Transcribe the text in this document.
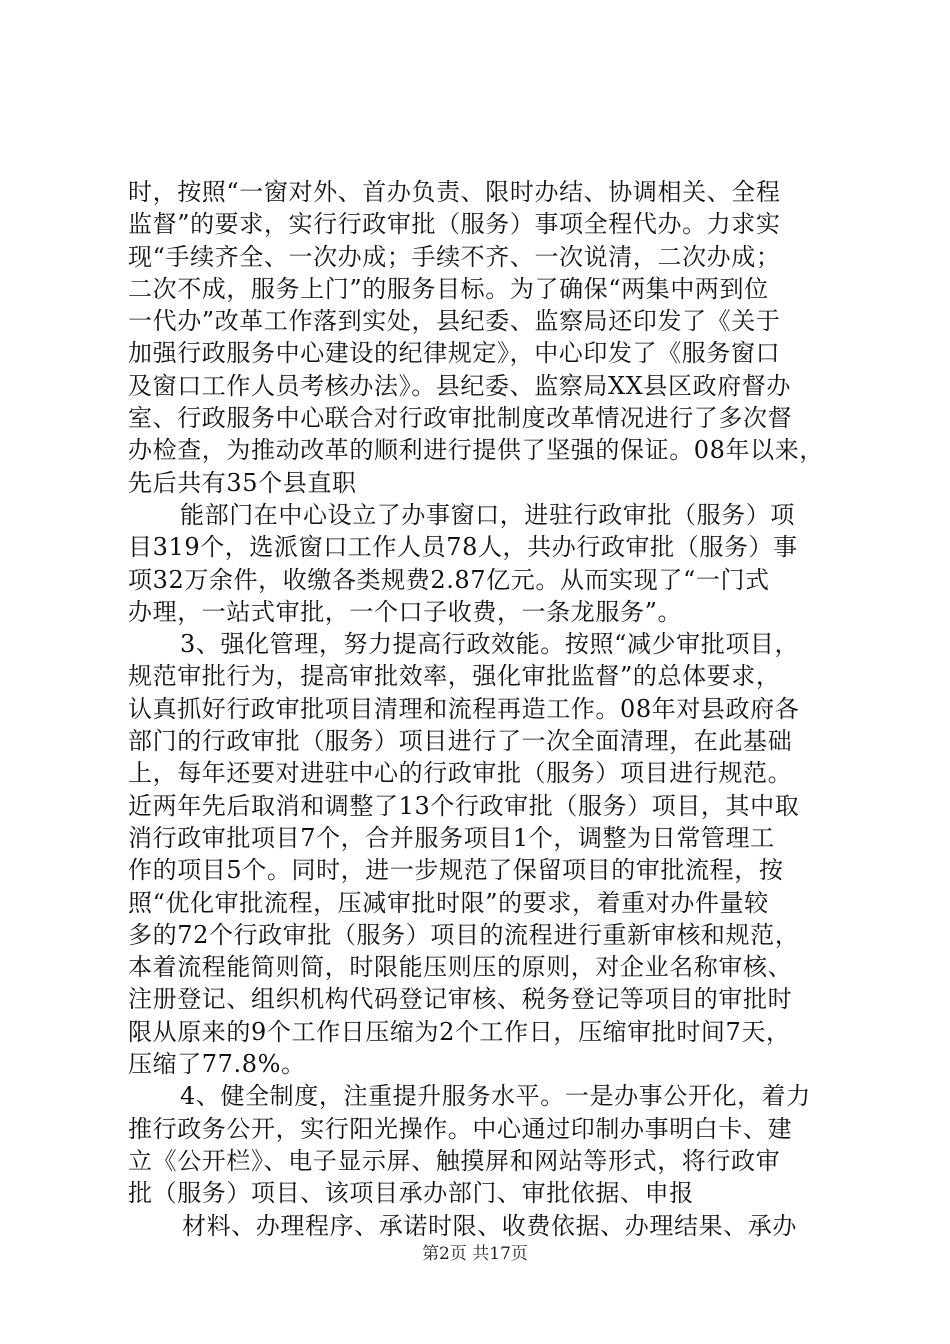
时，按照“一窗对外、首办负责、限时办结、协调相关、全程
监督”的要求，实行行政审批（服务）事项全程代办。力求实
现“手续齐全、一次办成；手续不齐、一次说清，二次办成；
二次不成，服务上门”的服务目标。为了确保“两集中两到位
一代办”改革工作落到实处，县纪委、监察局还印发了《关于
加强行政服务中心建设的纪律规定》，中心印发了《服务窗口
及窗口工作人员考核办法》。县纪委、监察局XX县区政府督办
室、行政服务中心联合对行政审批制度改革情况进行了多次督
办检查，为推动改革的顺利进行提供了坚强的保证。08年以来，
先后共有35个县直职
能部门在中心设立了办事窗口，进驻行政审批（服务）项
目319个，选派窗口工作人员78人，共办行政审批（服务）事
项32万余件，收缴各类规费2.87亿元。从而实现了“一门式
办理，一站式审批，一个口子收费，一条龙服务”。
3、强化管理，努力提高行政效能。按照“减少审批项目，
规范审批行为，提高审批效率，强化审批监督”的总体要求，
认真抓好行政审批项目清理和流程再造工作。08年对县政府各
部门的行政审批（服务）项目进行了一次全面清理，在此基础
上，每年还要对进驻中心的行政审批（服务）项目进行规范。
近两年先后取消和调整了13个行政审批（服务）项目，其中取
消行政审批项目7个，合并服务项目1个，调整为日常管理工
作的项目5个。同时，进一步规范了保留项目的审批流程，按
照“优化审批流程，压减审批时限”的要求，着重对办件量较
多的72个行政审批（服务）项目的流程进行重新审核和规范，
本着流程能简则简，时限能压则压的原则，对企业名称审核、
注册登记、组织机构代码登记审核、税务登记等项目的审批时
限从原来的9个工作日压缩为2个工作日，压缩审批时间7天，
压缩了77.8%。
4、健全制度，注重提升服务水平。一是办事公开化，着力
推行政务公开，实行阳光操作。中心通过印制办事明白卡、建
立《公开栏》、电子显示屏、触摸屏和网站等形式，将行政审
批（服务）项目、该项目承办部门、审批依据、申报
材料、办理程序、承诺时限、收费依据、办理结果、承办
第2页 共17页
